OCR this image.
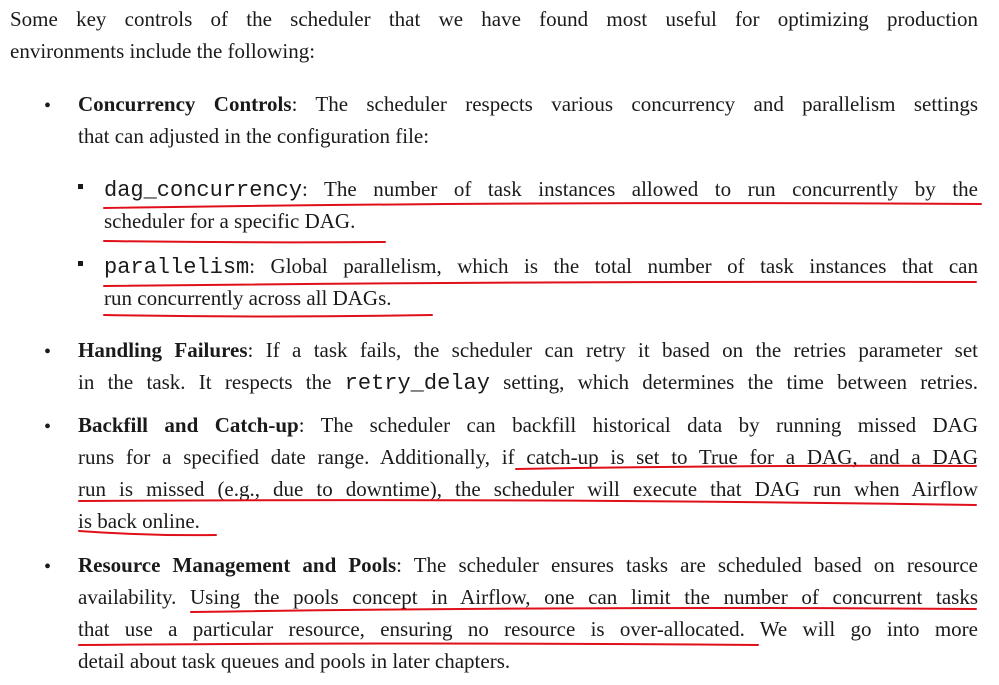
Some key controls of the scheduler that we have found most useful for optimizing production
environments include the following:
• Concurrency Controls: The scheduler respects various concurrency and parallelism settings
that can adjusted in the configuration file:
dag_concurrency: The number of task instances allowed to run concurrently by the
scheduler for a specific DAG.
parallelism: Global parallelism, which is the total number of task instances that can
run concurrently across all DAGs.
• Handling Failures: If a task fails, the scheduler can retry it based on the retries parameter set
in the task. It respects the retry_delay setting, which determines the time between retries.
• Backfill and Catch-up: The scheduler can backfill historical data by running missed DAG
runs for a specified date range. Additionally, if catch-up is set to True for a DAG, and a DAG
run is missed (e.g., due to downtime), the scheduler will execute that DAG run when Airflow
is back online.
• Resource Management and Pools: The scheduler ensures tasks are scheduled based on resource
availability. Using the pools concept in Airflow, one can limit the number of concurrent tasks
that use a particular resource, ensuring no resource is over-allocated. We will go into more
detail about task queues and pools in later chapters.
